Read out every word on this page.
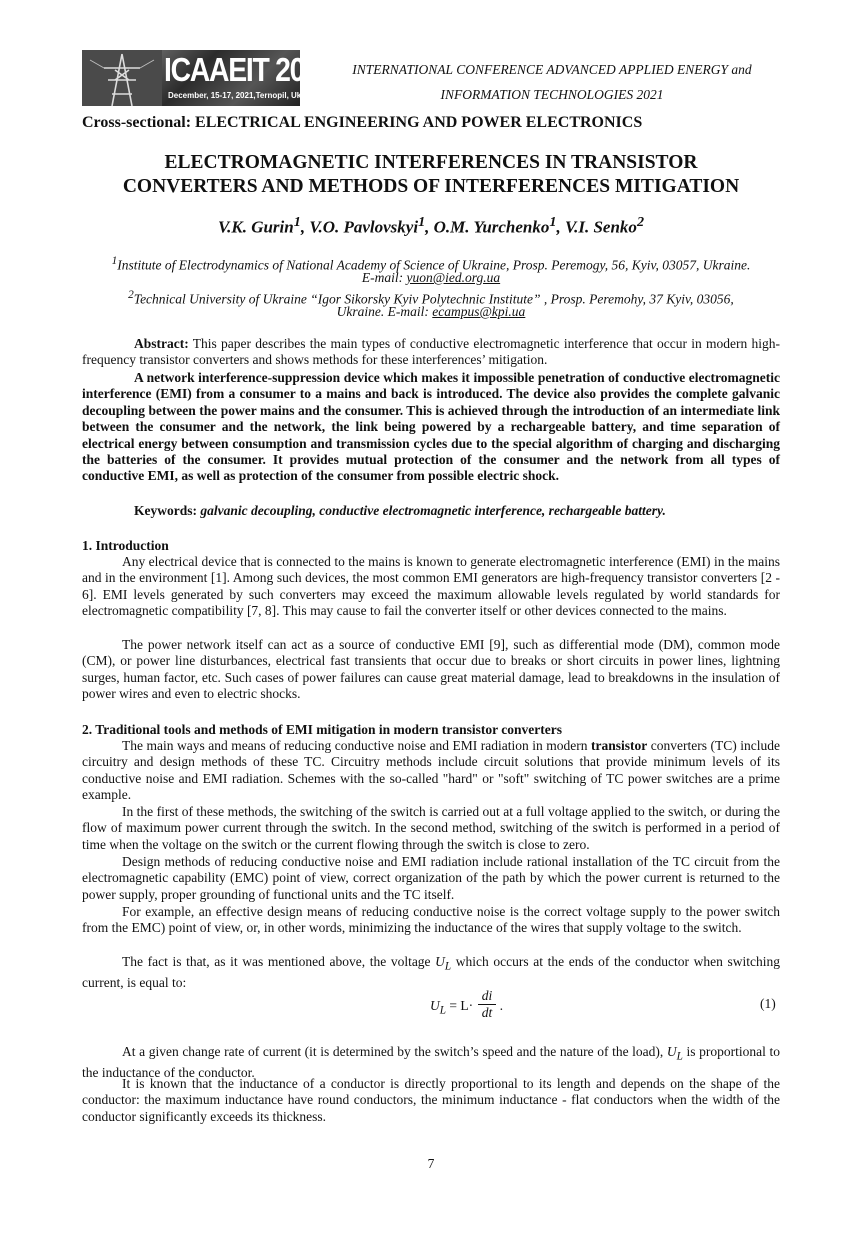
ICAAEIT 2021
December, 15-17, 2021,Ternopil, Ukraine
INTERNATIONAL CONFERENCE ADVANCED APPLIED ENERGY and
INFORMATION TECHNOLOGIES 2021
Cross-sectional: ELECTRICAL ENGINEERING AND POWER ELECTRONICS
ELECTROMAGNETIC INTERFERENCES IN TRANSISTOR
CONVERTERS AND METHODS OF INTERFERENCES MITIGATION
V.K. Gurin$^1$, V.O. Pavlovskyi$^1$, O.M. Yurchenko$^1$, V.I. Senko$^2$
$^1$Institute of Electrodynamics of National Academy of Science of Ukraine, Prosp. Peremogy, 56, Kyiv, 03057, Ukraine.
E-mail: yuon@ied.org.ua
$^2$Technical University of Ukraine “Igor Sikorsky Kyiv Polytechnic Institute” , Prosp. Peremohy, 37 Kyiv, 03056,
Ukraine. E-mail: ecampus@kpi.ua
Abstract: This paper describes the main types of conductive electromagnetic interference that occur in modern high-frequency transistor converters and shows methods for these interferences’ mitigation.
A network interference-suppression device which makes it impossible penetration of conductive electromagnetic interference (EMI) from a consumer to a mains and back is introduced. The device also provides the complete galvanic decoupling between the power mains and the consumer. This is achieved through the introduction of an intermediate link between the consumer and the network, the link being powered by a rechargeable battery, and time separation of electrical energy between consumption and transmission cycles due to the special algorithm of charging and discharging the batteries of the consumer. It provides mutual protection of the consumer and the network from all types of conductive EMI, as well as protection of the consumer from possible electric shock.
Keywords: galvanic decoupling, conductive electromagnetic interference, rechargeable battery.
1. Introduction
Any electrical device that is connected to the mains is known to generate electromagnetic interference (EMI) in the mains and in the environment [1]. Among such devices, the most common EMI generators are high-frequency transistor converters [2 - 6]. EMI levels generated by such converters may exceed the maximum allowable levels regulated by world standards for electromagnetic compatibility [7, 8]. This may cause to fail the converter itself or other devices connected to the mains.
The power network itself can act as a source of conductive EMI [9], such as differential mode (DM), common mode (CM), or power line disturbances, electrical fast transients that occur due to breaks or short circuits in power lines, lightning surges, human factor, etc. Such cases of power failures can cause great material damage, lead to breakdowns in the insulation of power wires and even to electric shocks.
2. Traditional tools and methods of EMI mitigation in modern transistor converters
The main ways and means of reducing conductive noise and EMI radiation in modern transistor converters (TC) include circuitry and design methods of these TC. Circuitry methods include circuit solutions that provide minimum levels of its conductive noise and EMI radiation. Schemes with the so-called "hard" or "soft" switching of TC power switches are a prime example.
In the first of these methods, the switching of the switch is carried out at a full voltage applied to the switch, or during the flow of maximum power current through the switch. In the second method, switching of the switch is performed in a period of time when the voltage on the switch or the current flowing through the switch is close to zero.
Design methods of reducing conductive noise and EMI radiation include rational installation of the TC circuit from the electromagnetic capability (EMC) point of view, correct organization of the path by which the power current is returned to the power supply, proper grounding of functional units and the TC itself.
For example, an effective design means of reducing conductive noise is the correct voltage supply to the power switch from the EMC) point of view, or, in other words, minimizing the inductance of the wires that supply voltage to the switch.
The fact is that, as it was mentioned above, the voltage $U_L$ which occurs at the ends of the conductor when switching current, is equal to:
$U_L = L\cdot \frac{di}{dt}$ .	(1)
At a given change rate of current (it is determined by the switch’s speed and the nature of the load), $U_L$ is proportional to the inductance of the conductor.
It is known that the inductance of a conductor is directly proportional to its length and depends on the shape of the conductor: the maximum inductance have round conductors, the minimum inductance - flat conductors when the width of the conductor significantly exceeds its thickness.
7
